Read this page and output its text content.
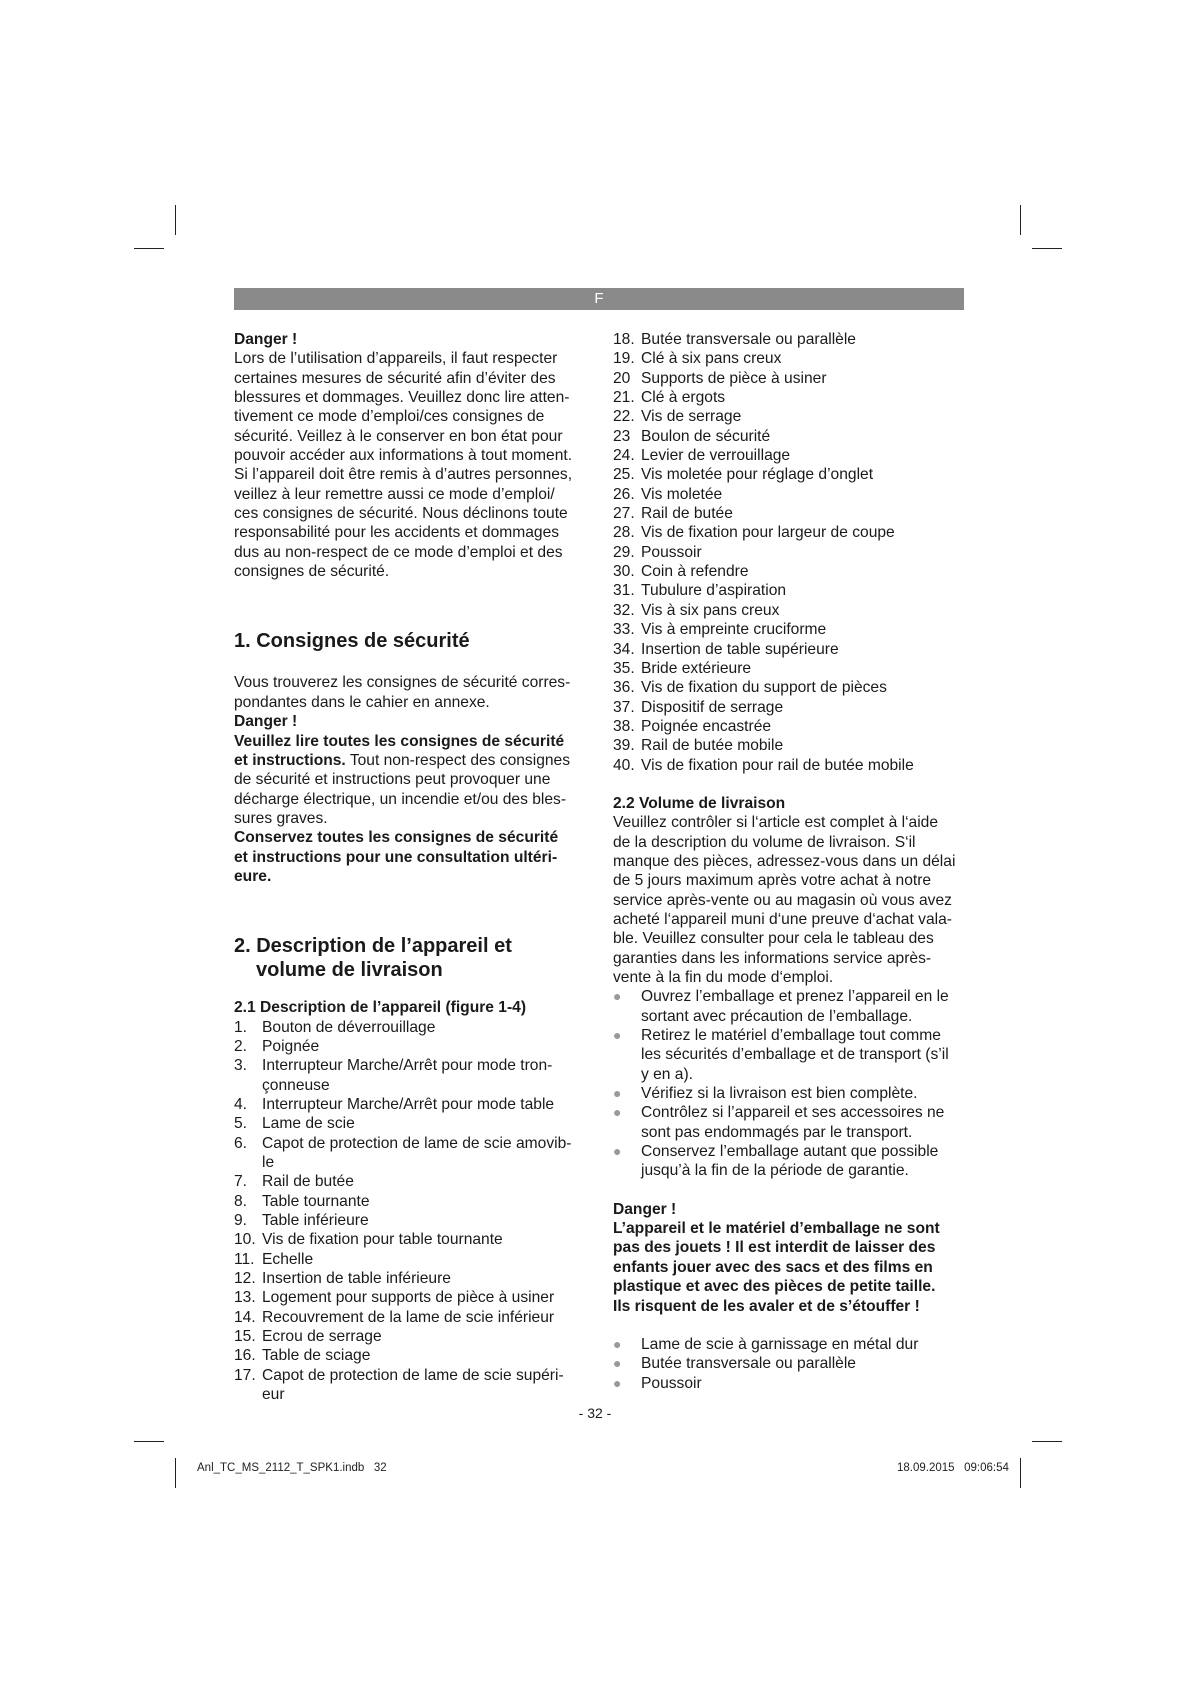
F

Danger !

Lors de l’utilisation d’appareils, il faut respecter

certaines mesures de sécurité afin d’éviter des

blessures et dommages. Veuillez donc lire atten-

tivement ce mode d’emploi/ces consignes de

sécurité. Veillez à le conserver en bon état pour

pouvoir accéder aux informations à tout moment.

Si l’appareil doit être remis à d’autres personnes,

veillez à leur remettre aussi ce mode d’emploi/

ces consignes de sécurité. Nous déclinons toute

responsabilité pour les accidents et dommages

dus au non-respect de ce mode d’emploi et des

consignes de sécurité.

1. Consignes de sécurité

Vous trouverez les consignes de sécurité corres-

pondantes dans le cahier en annexe.

Danger !

Veuillez lire toutes les consignes de sécurité

et instructions. Tout non-respect des consignes

de sécurité et instructions peut provoquer une

décharge électrique, un incendie et/ou des bles-

sures graves.

Conservez toutes les consignes de sécurité

et instructions pour une consultation ultéri-

eure.

2. Description de l’appareil et

volume de livraison

2.1 Description de l’appareil (figure 1-4)

1. Bouton de déverrouillage
2. Poignée
3. Interrupteur Marche/Arrêt pour mode tron-
çonneuse
4. Interrupteur Marche/Arrêt pour mode table
5. Lame de scie
6. Capot de protection de lame de scie amovib-
le
7. Rail de butée
8. Table tournante
9. Table inférieure
10. Vis de fixation pour table tournante
11. Echelle
12. Insertion de table inférieure
13. Logement pour supports de pièce à usiner
14. Recouvrement de la lame de scie inférieur
15. Ecrou de serrage
16. Table de sciage
17. Capot de protection de lame de scie supéri-
eur
18. Butée transversale ou parallèle
19. Clé à six pans creux
20 Supports de pièce à usiner
21. Clé à ergots
22. Vis de serrage
23 Boulon de sécurité
24. Levier de verrouillage
25. Vis moletée pour réglage d’onglet
26. Vis moletée
27. Rail de butée
28. Vis de fixation pour largeur de coupe
29. Poussoir
30. Coin à refendre
31. Tubulure d’aspiration
32. Vis à six pans creux
33. Vis à empreinte cruciforme
34. Insertion de table supérieure
35. Bride extérieure
36. Vis de fixation du support de pièces
37. Dispositif de serrage
38. Poignée encastrée
39. Rail de butée mobile
40. Vis de fixation pour rail de butée mobile

2.2 Volume de livraison

Veuillez contrôler si l‘article est complet à l‘aide

de la description du volume de livraison. S‘il

manque des pièces, adressez-vous dans un délai

de 5 jours maximum après votre achat à notre

service après-vente ou au magasin où vous avez

acheté l‘appareil muni d‘une preuve d‘achat vala-

ble. Veuillez consulter pour cela le tableau des

garanties dans les informations service après-

vente à la fin du mode d‘emploi.

●	Ouvrez l’emballage et prenez l’appareil en le
sortant avec précaution de l’emballage.
●	Retirez le matériel d’emballage tout comme
les sécurités d’emballage et de transport (s’il
y en a).
●	Vérifiez si la livraison est bien complète.
●	Contrôlez si l’appareil et ses accessoires ne
sont pas endommagés par le transport.
●	Conservez l’emballage autant que possible
jusqu’à la fin de la période de garantie.

Danger !

L’appareil et le matériel d’emballage ne sont

pas des jouets ! Il est interdit de laisser des

enfants jouer avec des sacs et des films en

plastique et avec des pièces de petite taille.

Ils risquent de les avaler et de s’étouffer !

●	Lame de scie à garnissage en métal dur
●	Butée transversale ou parallèle
●	Poussoir
- 32 -
Anl_TC_MS_2112_T_SPK1.indb   32	18.09.2015   09:06:54
